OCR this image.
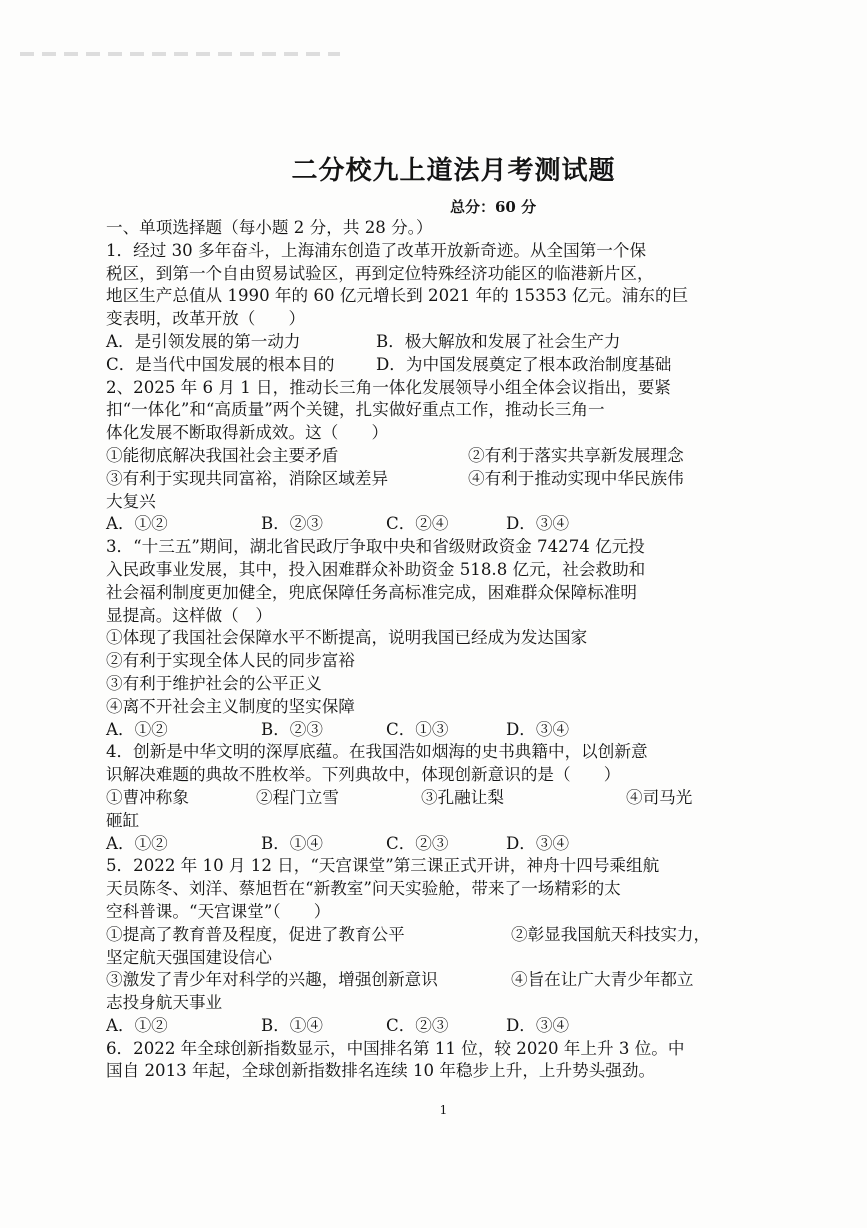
二分校九上道法月考测试题
总分：60 分
一、单项选择题（每小题 2 分，共 28 分。）
1．经过 30 多年奋斗，上海浦东创造了改革开放新奇迹。从全国第一个保
税区，到第一个自由贸易试验区，再到定位特殊经济功能区的临港新片区，
地区生产总值从 1990 年的 60 亿元增长到 2021 年的 15353 亿元。浦东的巨
变表明，改革开放（　　）
A．是引领发展的第一动力	B．极大解放和发展了社会生产力
C．是当代中国发展的根本目的	D．为中国发展奠定了根本政治制度基础
2、2025 年 6 月 1 日，推动长三角一体化发展领导小组全体会议指出，要紧
扣“一体化”和“高质量”两个关键，扎实做好重点工作，推动长三角一
体化发展不断取得新成效。这（　　）
①能彻底解决我国社会主要矛盾	②有利于落实共享新发展理念
③有利于实现共同富裕，消除区域差异	④有利于推动实现中华民族伟
大复兴
A．①②	B．②③	C．②④	D．③④
3．“十三五”期间，湖北省民政厅争取中央和省级财政资金 74274 亿元投
入民政事业发展，其中，投入困难群众补助资金 518.8 亿元，社会救助和
社会福利制度更加健全，兜底保障任务高标准完成，困难群众保障标准明
显提高。这样做（　）
①体现了我国社会保障水平不断提高，说明我国已经成为发达国家
②有利于实现全体人民的同步富裕
③有利于维护社会的公平正义
④离不开社会主义制度的坚实保障
A．①②	B．②③	C．①③	D．③④
4．创新是中华文明的深厚底蕴。在我国浩如烟海的史书典籍中，以创新意
识解决难题的典故不胜枚举。下列典故中，体现创新意识的是（　　）
①曹冲称象	②程门立雪	③孔融让梨	④司马光
砸缸
A．①②	B．①④	C．②③	D．③④
5．2022 年 10 月 12 日，“天宫课堂”第三课正式开讲，神舟十四号乘组航
天员陈冬、刘洋、蔡旭哲在“新教室”问天实验舱，带来了一场精彩的太
空科普课。“天宫课堂”（　　）
①提高了教育普及程度，促进了教育公平	②彰显我国航天科技实力，
坚定航天强国建设信心
③激发了青少年对科学的兴趣，增强创新意识	④旨在让广大青少年都立
志投身航天事业
A．①②	B．①④	C．②③	D．③④
6．2022 年全球创新指数显示，中国排名第 11 位，较 2020 年上升 3 位。中
国自 2013 年起，全球创新指数排名连续 10 年稳步上升，上升势头强劲。
1
